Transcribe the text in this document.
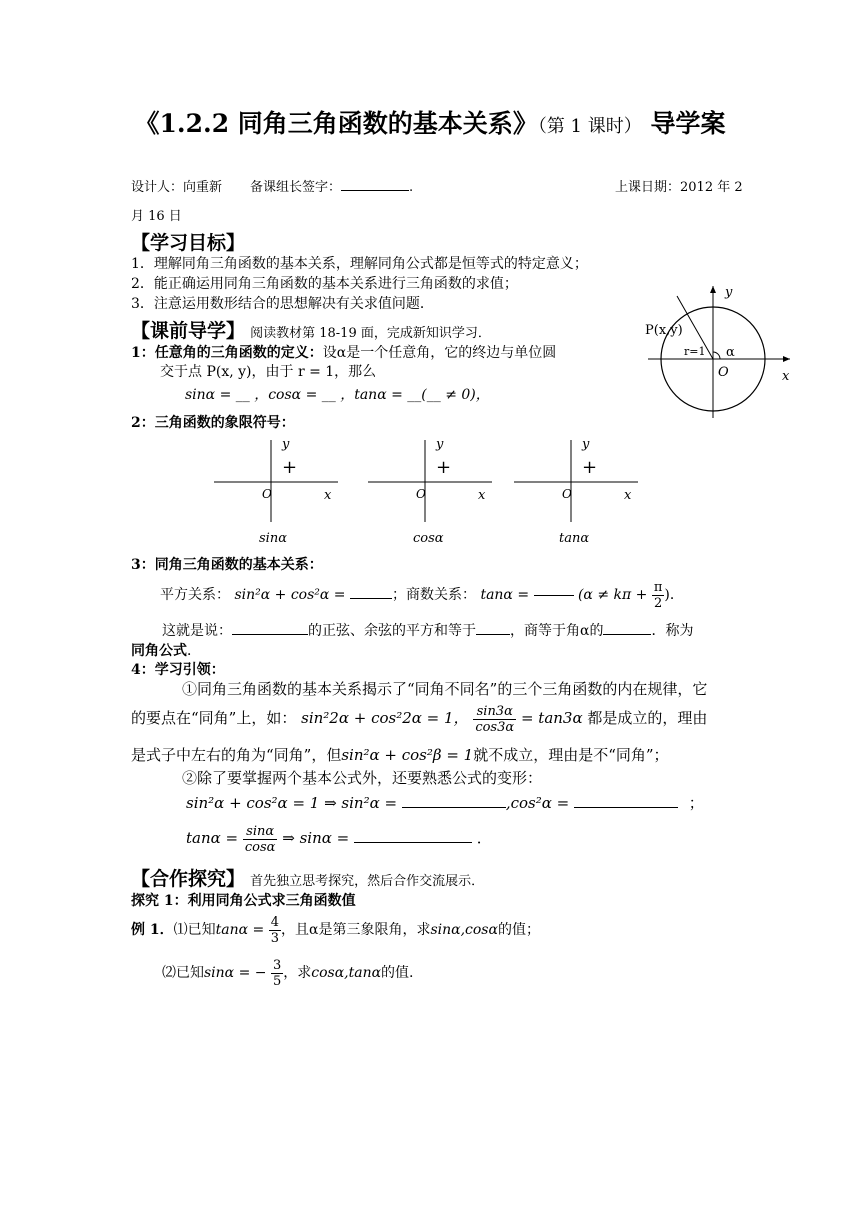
《1.2.2 同角三角函数的基本关系》（第 1 课时） 导学案
设计人：向重新 备课组长签字：	.	上课日期：2012 年 2
月 16 日
【学习目标】
1．理解同角三角函数的基本关系，理解同角公式都是恒等式的特定意义；
2．能正确运用同角三角函数的基本关系进行三角函数的求值；
3．注意运用数形结合的思想解决有关求值问题．
【课前导学】 阅读教材第 18-19 面，完成新知识学习．
1：任意角的三角函数的定义：设α是一个任意角，它的终边与单位圆
交于点 P(x, y)，由于 r = 1，那么
sinα = __ ，cosα = __ ，tanα = __(__ ≠ 0)，
P(x,y)
r=1 α
y
x
O
2：三角函数的象限符号：
y
+
O	x
sinα
y
+
O	x
cosα
y
+
O	x
tanα
3：同角三角函数的基本关系：
平方关系： sin²α + cos²α =	；商数关系： tanα =	($\alpha \ne k\pi + \frac{\pi}{2}$ )．
这就是说：	的正弦、余弦的平方和等于 ，商等于角α的	．称为
同角公式．
4：学习引领：
①同角三角函数的基本关系揭示了“同角不同名”的三个三角函数的内在规律，它
的要点在“同角”上，如： sin²2α + cos²2α = 1， $\frac{\sin 3\alpha}{\cos 3\alpha} = \tan 3\alpha$ 都是成立的，理由
是式子中左右的角为“同角”，但sin²α + cos²β = 1就不成立，理由是不“同角”；
②除了要掌握两个基本公式外，还要熟悉公式的变形：
sin²α + cos²α = 1 ⇒ sin²α =	,cos²α =	；
$\tan\alpha = \frac{\sin\alpha}{\cos\alpha}$ ⇒ sinα =	．
【合作探究】 首先独立思考探究，然后合作交流展示．
探究 1：利用同角公式求三角函数值
例 1．⑴已知$\tan\alpha = \frac{4}{3}$ ，且α是第三象限角，求sinα,cosα的值；
⑵已知sinα = − $\frac{3}{5}$ ，求cosα,tanα的值.
